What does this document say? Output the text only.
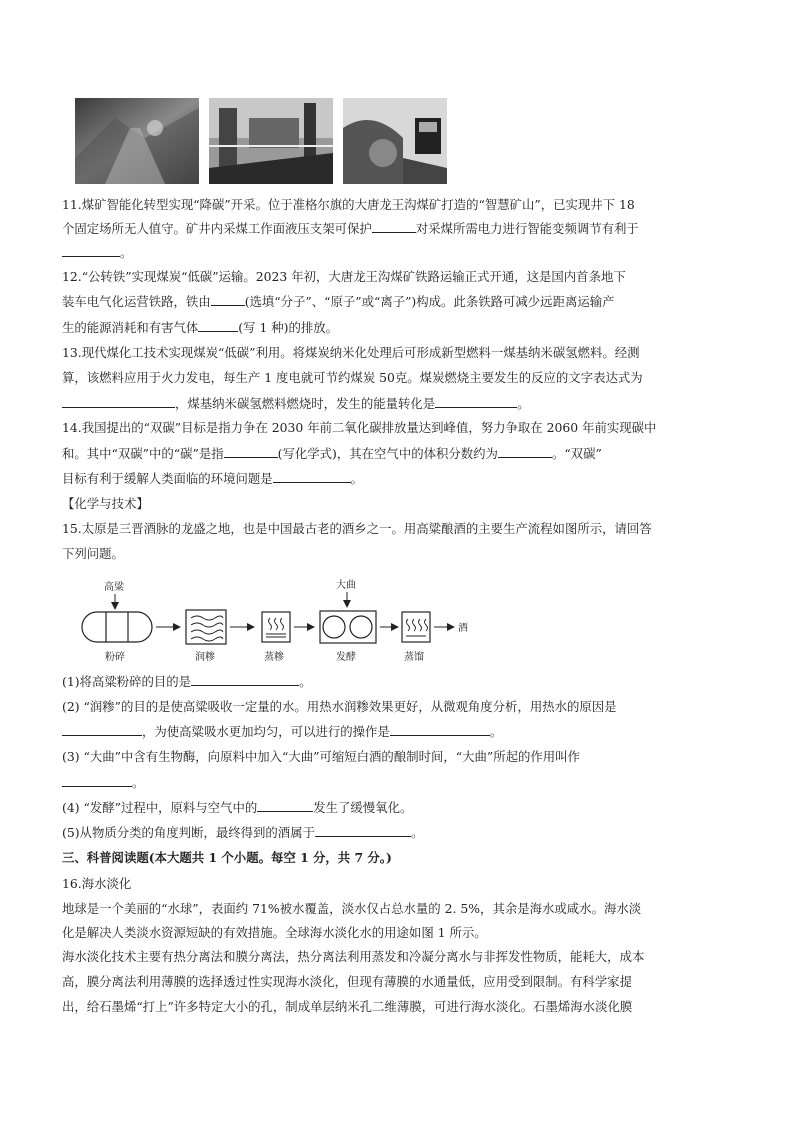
11.煤矿智能化转型实现“降碳”开采。位于准格尔旗的大唐龙王沟煤矿打造的“智慧矿山”，已实现井下 18
个固定场所无人值守。矿井内采煤工作面液压支架可保护	对采煤所需电力进行智能变频调节有利于
。
12.“公转铁”实现煤炭“低碳”运输。2023 年初，大唐龙王沟煤矿铁路运输正式开通，这是国内首条地下
装车电气化运营铁路，铁由	(选填“分子”、“原子”或“离子”)构成。此条铁路可减少远距离运输产
生的能源消耗和有害气体	(写 1 种)的排放。
13.现代煤化工技术实现煤炭“低碳”利用。将煤炭纳米化处理后可形成新型燃料一煤基纳米碳氢燃料。经测
算，该燃料应用于火力发电，每生产 1 度电就可节约煤炭 50克。煤炭燃烧主要发生的反应的文字表达式为
，煤基纳米碳氢燃料燃烧时，发生的能量转化是	。
14.我国提出的“双碳”目标是指力争在 2030 年前二氧化碳排放量达到峰值，努力争取在 2060 年前实现碳中
和。其中“双碳”中的“碳”是指	(写化学式)，其在空气中的体积分数约为	。“双碳”
目标有利于缓解人类面临的环境问题是	。
【化学与技术】
15.太原是三晋酒脉的龙盛之地，也是中国最古老的酒乡之一。用高粱酿酒的主要生产流程如图所示，请回答
下列问题。
高粱
粉碎	润糁	蒸糁
大曲
发酵	蒸馏
酒
(1)将高粱粉碎的目的是	。
(2) “润糁”的目的是使高粱吸收一定量的水。用热水润糁效果更好，从微观角度分析，用热水的原因是
，为使高粱吸水更加均匀，可以进行的操作是	。
(3) “大曲”中含有生物酶，向原料中加入“大曲”可缩短白酒的酿制时间，“大曲”所起的作用叫作
。
(4) “发酵”过程中，原料与空气中的	发生了缓慢氧化。
(5)从物质分类的角度判断，最终得到的酒属于	。
三、科普阅读题(本大题共 1 个小题。每空 1 分，共 7 分。)
16.海水淡化
地球是一个美丽的“水球”，表面约 71%被水覆盖，淡水仅占总水量的 2. 5%，其余是海水或咸水。海水淡
化是解决人类淡水资源短缺的有效措施。全球海水淡化水的用途如图 1 所示。
海水淡化技术主要有热分离法和膜分离法，热分离法利用蒸发和冷凝分离水与非挥发性物质，能耗大，成本
高，膜分离法利用薄膜的选择透过性实现海水淡化，但现有薄膜的水通量低，应用受到限制。有科学家提
出，给石墨烯“打上”许多特定大小的孔，制成单层纳米孔二维薄膜，可进行海水淡化。石墨烯海水淡化膜
